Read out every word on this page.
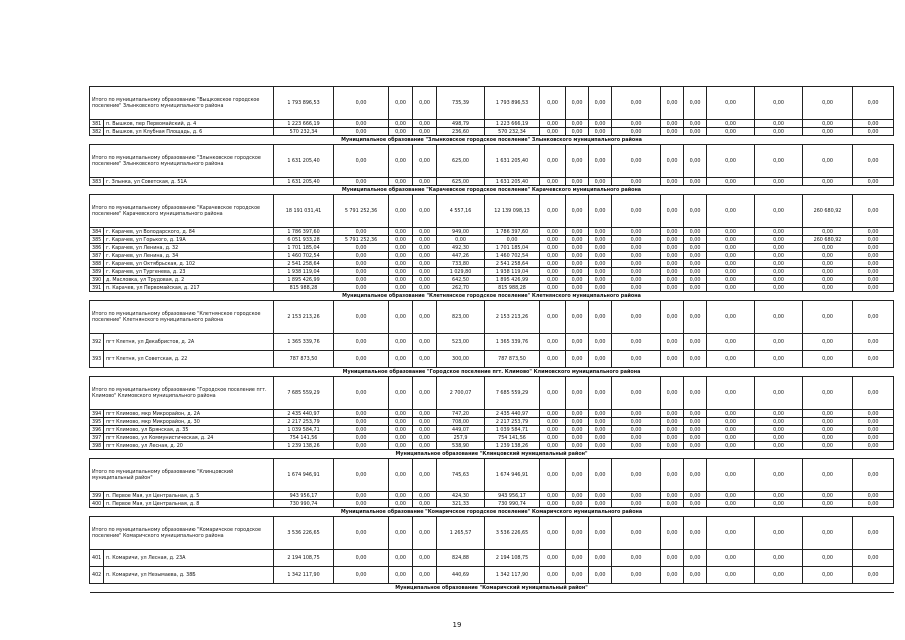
Итого по муниципальному образованию "Выщковское городское поселение" Злынковского муниципального района		1 793 896,53	0,00	0,00	0,00	735,39	1 793 896,53	0,00	0,00	0,00	0,00	0,00	0,00	0,00	0,00	0,00	0,00
381	п. Вышков, пер Первомайский, д. 4	1 223 666,19	0,00	0,00	0,00	498,79	1 223 666,19	0,00	0,00	0,00	0,00	0,00	0,00	0,00	0,00	0,00	0,00
382	п. Вышков, ул Клубная Площадь, д. 6	570 232,34	0,00	0,00	0,00	236,60	570 232,34	0,00	0,00	0,00	0,00	0,00	0,00	0,00	0,00	0,00	0,00
Муниципальное образование "Злынковское городское поселение" Злынковского муниципального района																	
Итого по муниципальному образованию "Злынковское городское поселение" Злынковского муниципального района		1 631 205,40	0,00	0,00	0,00	625,00	1 631 205,40	0,00	0,00	0,00	0,00	0,00	0,00	0,00	0,00	0,00	0,00
383	г. Злынка, ул Советская, д. 51А	1 631 205,40	0,00	0,00	0,00	625,00	1 631 205,40	0,00	0,00	0,00	0,00	0,00	0,00	0,00	0,00	0,00	0,00
Муниципальное образование "Карачевское городское поселение" Карачевского муниципального района																	
Итого по муниципальному образованию "Карачевское городское поселение" Карачевского муниципального района		18 191 031,41	5 791 252,36	0,00	0,00	4 557,16	12 139 098,13	0,00	0,00	0,00	0,00	0,00	0,00	0,00	0,00	260 680,92	0,00
384	г. Карачев, ул Володарского, д. 84	1 786 397,60	0,00	0,00	0,00	949,00	1 786 397,60	0,00	0,00	0,00	0,00	0,00	0,00	0,00	0,00	0,00	0,00
385	г. Карачев, ул Горького, д. 19А	6 051 933,28	5 791 252,36	0,00	0,00	0,00	0,00	0,00	0,00	0,00	0,00	0,00	0,00	0,00	0,00	260 680,92	0,00
386	г. Карачев, ул Ленина, д. 32	1 701 185,04	0,00	0,00	0,00	492,30	1 701 185,04	0,00	0,00	0,00	0,00	0,00	0,00	0,00	0,00	0,00	0,00
387	г. Карачев, ул Ленина, д. 34	1 460 702,54	0,00	0,00	0,00	447,26	1 460 702,54	0,00	0,00	0,00	0,00	0,00	0,00	0,00	0,00	0,00	0,00
388	г. Карачев, ул Октябрьская, д. 102	2 541 258,64	0,00	0,00	0,00	733,80	2 541 258,64	0,00	0,00	0,00	0,00	0,00	0,00	0,00	0,00	0,00	0,00
389	г. Карачев, ул Тургенева, д. 23	1 938 119,04	0,00	0,00	0,00	1 029,80	1 938 119,04	0,00	0,00	0,00	0,00	0,00	0,00	0,00	0,00	0,00	0,00
390	д. Масловка, ул Трудовая, д. 2	1 895 426,99	0,00	0,00	0,00	642,50	1 895 426,99	0,00	0,00	0,00	0,00	0,00	0,00	0,00	0,00	0,00	0,00
391	п. Карачев, ул Первомайская, д. 217	815 988,28	0,00	0,00	0,00	262,70	815 988,28	0,00	0,00	0,00	0,00	0,00	0,00	0,00	0,00	0,00	0,00
Муниципальное образование "Клетнянское городское поселение" Клетнянского муниципального района																	
Итого по муниципальному образованию "Клетнянское городское поселение" Клетнянского муниципального района		2 153 213,26	0,00	0,00	0,00	823,00	2 153 213,26	0,00	0,00	0,00	0,00	0,00	0,00	0,00	0,00	0,00	0,00
392	пгт Клетня, ул Декабристов, д. 2А	1 365 339,76	0,00	0,00	0,00	523,00	1 365 339,76	0,00	0,00	0,00	0,00	0,00	0,00	0,00	0,00	0,00	0,00
393	пгт Клетня, ул Советская, д. 22	787 873,50	0,00	0,00	0,00	300,00	787 873,50	0,00	0,00	0,00	0,00	0,00	0,00	0,00	0,00	0,00	0,00
Муниципальное образование "Городское поселение пгт. Климово" Климовского муниципального района																	
Итого по муниципальному образованию "Городское поселение пгт. Климово" Климовского муниципального района		7 685 559,29	0,00	0,00	0,00	2 700,07	7 685 559,29	0,00	0,00	0,00	0,00	0,00	0,00	0,00	0,00	0,00	0,00
394	пгт Климово, мкр Микрорайон, д. 2А	2 435 440,97	0,00	0,00	0,00	747,20	2 435 440,97	0,00	0,00	0,00	0,00	0,00	0,00	0,00	0,00	0,00	0,00
395	пгт Климово, мкр Микрорайон, д. 30	2 217 253,79	0,00	0,00	0,00	708,00	2 217 253,79	0,00	0,00	0,00	0,00	0,00	0,00	0,00	0,00	0,00	0,00
396	пгт Климово, ул Брянская, д. 35	1 039 584,71	0,00	0,00	0,00	449,07	1 039 584,71	0,00	0,00	0,00	0,00	0,00	0,00	0,00	0,00	0,00	0,00
397	пгт Климово, ул Коммунистическая, д. 24	754 141,56	0,00	0,00	0,00	257,9	754 141,56	0,00	0,00	0,00	0,00	0,00	0,00	0,00	0,00	0,00	0,00
398	пгт Климово, ул Лесная, д. 20	1 239 138,26	0,00	0,00	0,00	538,90	1 239 138,26	0,00	0,00	0,00	0,00	0,00	0,00	0,00	0,00	0,00	0,00
Муниципальное образование "Клинцовский муниципальный район"																	
Итого по муниципальному образованию "Клинцовский муниципальный район"		1 674 946,91	0,00	0,00	0,00	745,63	1 674 946,91	0,00	0,00	0,00	0,00	0,00	0,00	0,00	0,00	0,00	0,00
399	п. Первое Мая, ул Центральная, д. 5	943 956,17	0,00	0,00	0,00	424,30	943 956,17	0,00	0,00	0,00	0,00	0,00	0,00	0,00	0,00	0,00	0,00
400	п. Первое Мая, ул Центральная, д. 8	730 990,74	0,00	0,00	0,00	321,33	730 990,74	0,00	0,00	0,00	0,00	0,00	0,00	0,00	0,00	0,00	0,00
Муниципальное образование "Комаричское городское поселение" Комаричского муниципального района																	
Итого по муниципальному образованию "Комаричское городское поселение" Комаричского муниципального района		3 536 226,65	0,00	0,00	0,00	1 265,57	3 536 226,65	0,00	0,00	0,00	0,00	0,00	0,00	0,00	0,00	0,00	0,00
401	п. Комаричи, ул Лесная, д. 23А	2 194 108,75	0,00	0,00	0,00	824,88	2 194 108,75	0,00	0,00	0,00	0,00	0,00	0,00	0,00	0,00	0,00	0,00
402	п. Комаричи, ул Незымаева, д. 38Б	1 342 117,90	0,00	0,00	0,00	440,69	1 342 117,90	0,00	0,00	0,00	0,00	0,00	0,00	0,00	0,00	0,00	0,00
Муниципальное образование "Комаричский муниципальный район"																	
19
